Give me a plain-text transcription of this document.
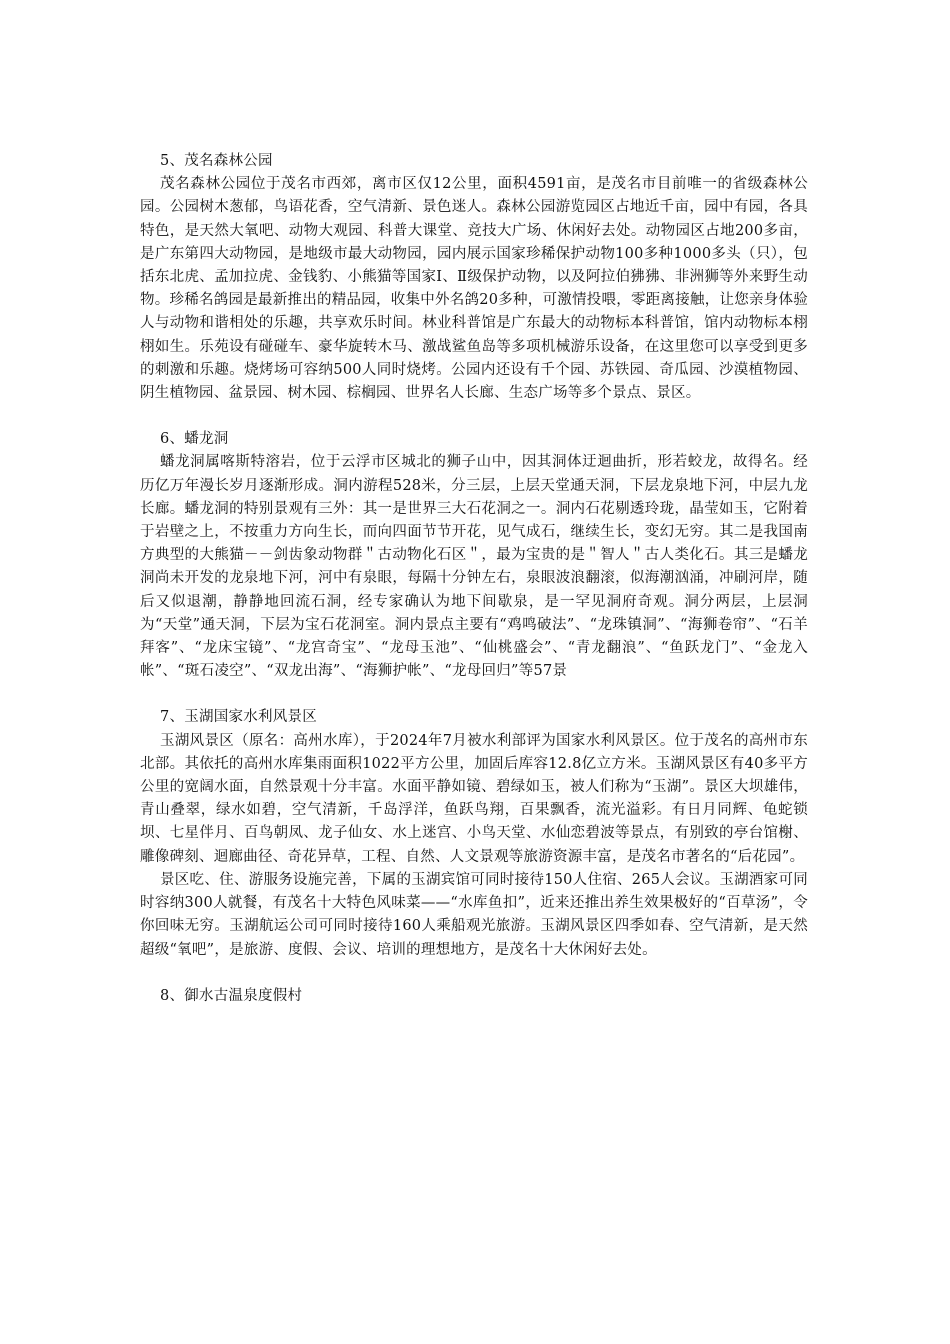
5、茂名森林公园

茂名森林公园位于茂名市西郊，离市区仅12公里，面积4591亩，是茂名市目前唯一的省级森林公园。公园树木葱郁，鸟语花香，空气清新、景色迷人。森林公园游览园区占地近千亩，园中有园，各具特色，是天然大氧吧、动物大观园、科普大课堂、竞技大广场、休闲好去处。动物园区占地200多亩，是广东第四大动物园，是地级市最大动物园，园内展示国家珍稀保护动物100多种1000多头（只），包括东北虎、孟加拉虎、金钱豹、小熊猫等国家Ⅰ、Ⅱ级保护动物，以及阿拉伯狒狒、非洲狮等外来野生动物。珍稀名鸽园是最新推出的精品园，收集中外名鸽20多种，可激情投喂，零距离接触，让您亲身体验人与动物和谐相处的乐趣，共享欢乐时间。林业科普馆是广东最大的动物标本科普馆，馆内动物标本栩栩如生。乐苑设有碰碰车、豪华旋转木马、激战鲨鱼岛等多项机械游乐设备，在这里您可以享受到更多的刺激和乐趣。烧烤场可容纳500人同时烧烤。公园内还设有千个园、苏铁园、奇瓜园、沙漠植物园、阴生植物园、盆景园、树木园、棕榈园、世界名人长廊、生态广场等多个景点、景区。

6、蟠龙洞

蟠龙洞属喀斯特溶岩，位于云浮市区城北的狮子山中，因其洞体迂迴曲折，形若蛟龙，故得名。经历亿万年漫长岁月逐渐形成。洞内游程528米，分三层，上层天堂通天洞，下层龙泉地下河，中层九龙长廊。蟠龙洞的特别景观有三外：其一是世界三大石花洞之一。洞内石花剔透玲珑，晶莹如玉，它附着于岩壁之上，不按重力方向生长，而向四面节节开花，见气成石，继续生长，变幻无穷。其二是我国南方典型的大熊猫－－剑齿象动物群＂古动物化石区＂，最为宝贵的是＂智人＂古人类化石。其三是蟠龙洞尚未开发的龙泉地下河，河中有泉眼，每隔十分钟左右，泉眼波浪翻滚，似海潮汹涌，冲刷河岸，随后又似退潮，静静地回流石洞，经专家确认为地下间歇泉，是一罕见洞府奇观。洞分两层，上层洞为“天堂”通天洞，下层为宝石花洞室。洞内景点主要有“鸡鸣破法”、“龙珠镇洞”、“海狮卷帘”、“石羊拜客”、“龙床宝镜”、“龙宫奇宝”、“龙母玉池”、“仙桃盛会”、“青龙翻浪”、“鱼跃龙门”、“金龙入帐”、“斑石凌空”、“双龙出海”、“海狮护帐”、“龙母回归”等57景

7、玉湖国家水利风景区

玉湖风景区（原名：高州水库），于2024年7月被水利部评为国家水利风景区。位于茂名的高州市东北部。其依托的高州水库集雨面积1022平方公里，加固后库容12.8亿立方米。玉湖风景区有40多平方公里的宽阔水面，自然景观十分丰富。水面平静如镜、碧绿如玉，被人们称为“玉湖”。景区大坝雄伟，青山叠翠，绿水如碧，空气清新，千岛浮洋，鱼跃鸟翔，百果飘香，流光溢彩。有日月同辉、龟蛇锁坝、七星伴月、百鸟朝凤、龙子仙女、水上迷宫、小鸟天堂、水仙恋碧波等景点，有别致的亭台馆榭、雕像碑刻、迴廊曲径、奇花异草，工程、自然、人文景观等旅游资源丰富，是茂名市著名的“后花园”。

景区吃、住、游服务设施完善，下属的玉湖宾馆可同时接待150人住宿、265人会议。玉湖酒家可同时容纳300人就餐，有茂名十大特色风味菜——“水库鱼扣”，近来还推出养生效果极好的“百草汤”，令你回味无穷。玉湖航运公司可同时接待160人乘船观光旅游。玉湖风景区四季如春、空气清新，是天然超级“氧吧”，是旅游、度假、会议、培训的理想地方，是茂名十大休闲好去处。

8、御水古温泉度假村
